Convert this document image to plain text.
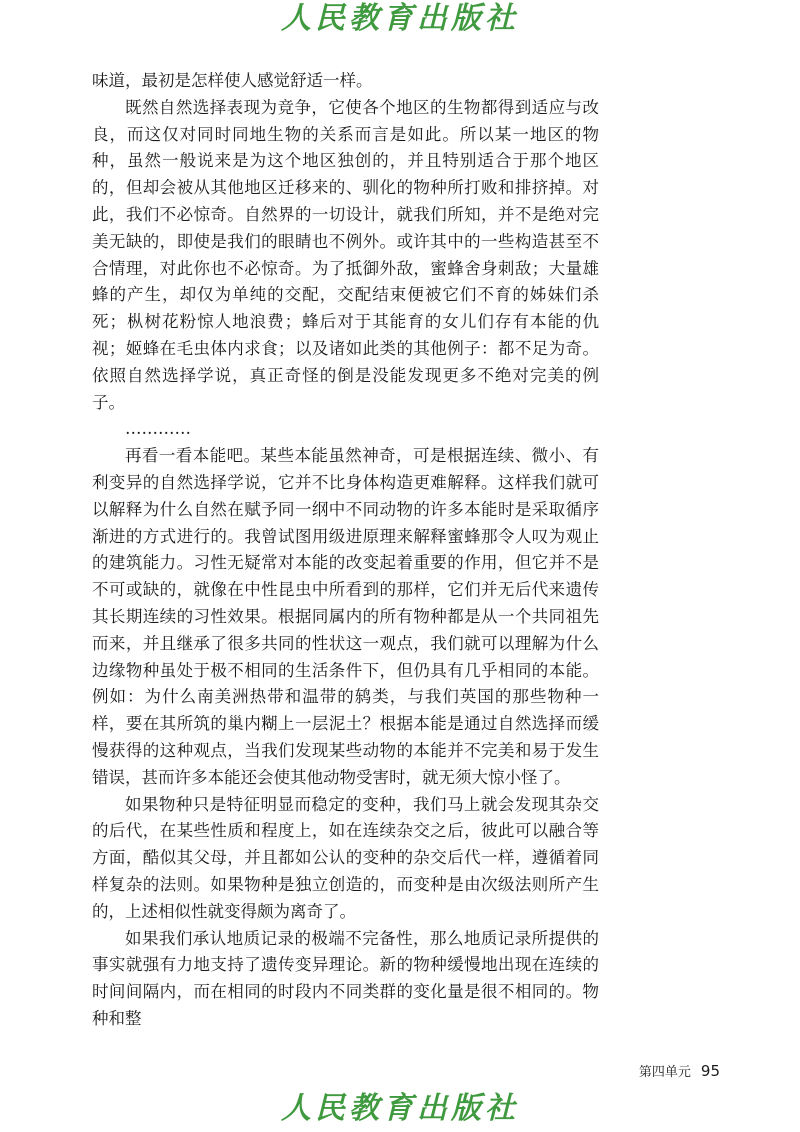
人民教育出版社

味道，最初是怎样使人感觉舒适一样。

既然自然选择表现为竞争，它使各个地区的生物都得到适应与改良，而这仅对同时同地生物的关系而言是如此。所以某一地区的物种，虽然一般说来是为这个地区独创的，并且特别适合于那个地区的，但却会被从其他地区迁移来的、驯化的物种所打败和排挤掉。对此，我们不必惊奇。自然界的一切设计，就我们所知，并不是绝对完美无缺的，即使是我们的眼睛也不例外。或许其中的一些构造甚至不合情理，对此你也不必惊奇。为了抵御外敌，蜜蜂舍身刺敌；大量雄蜂的产生，却仅为单纯的交配，交配结束便被它们不育的姊妹们杀死；枞树花粉惊人地浪费；蜂后对于其能育的女儿们存有本能的仇视；姬蜂在毛虫体内求食；以及诸如此类的其他例子：都不足为奇。依照自然选择学说，真正奇怪的倒是没能发现更多不绝对完美的例子。

…………

再看一看本能吧。某些本能虽然神奇，可是根据连续、微小、有利变异的自然选择学说，它并不比身体构造更难解释。这样我们就可以解释为什么自然在赋予同一纲中不同动物的许多本能时是采取循序渐进的方式进行的。我曾试图用级进原理来解释蜜蜂那令人叹为观止的建筑能力。习性无疑常对本能的改变起着重要的作用，但它并不是不可或缺的，就像在中性昆虫中所看到的那样，它们并无后代来遗传其长期连续的习性效果。根据同属内的所有物种都是从一个共同祖先而来，并且继承了很多共同的性状这一观点，我们就可以理解为什么边缘物种虽处于极不相同的生活条件下，但仍具有几乎相同的本能。例如：为什么南美洲热带和温带的鸫类，与我们英国的那些物种一样，要在其所筑的巢内糊上一层泥土？根据本能是通过自然选择而缓慢获得的这种观点，当我们发现某些动物的本能并不完美和易于发生错误，甚而许多本能还会使其他动物受害时，就无须大惊小怪了。

如果物种只是特征明显而稳定的变种，我们马上就会发现其杂交的后代，在某些性质和程度上，如在连续杂交之后，彼此可以融合等方面，酷似其父母，并且都如公认的变种的杂交后代一样，遵循着同样复杂的法则。如果物种是独立创造的，而变种是由次级法则所产生的，上述相似性就变得颇为离奇了。

如果我们承认地质记录的极端不完备性，那么地质记录所提供的事实就强有力地支持了遗传变异理论。新的物种缓慢地出现在连续的时间间隔内，而在相同的时段内不同类群的变化量是很不相同的。物种和整

第四单元 95
人民教育出版社
